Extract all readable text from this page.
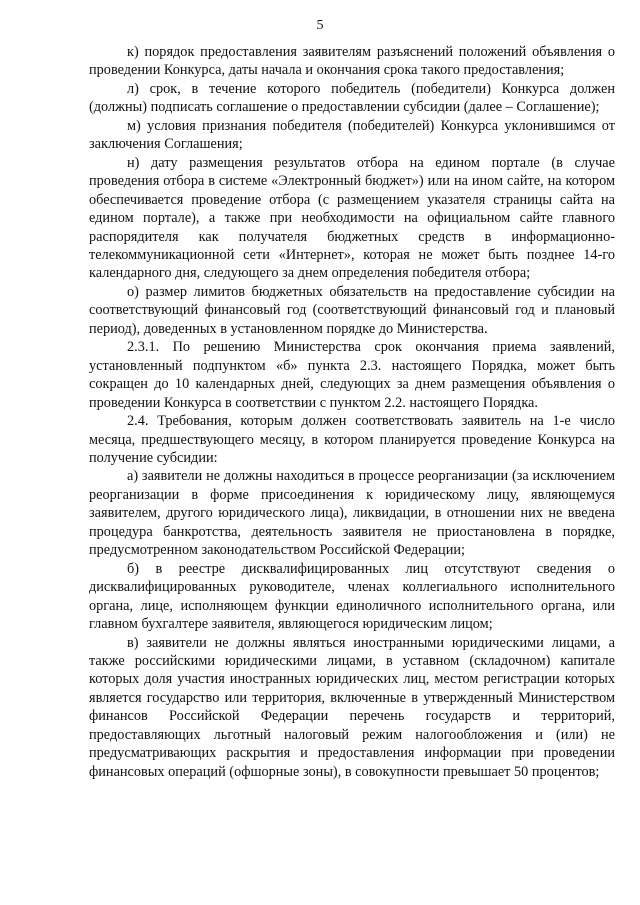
5

к) порядок предоставления заявителям разъяснений положений объявления о проведении Конкурса, даты начала и окончания срока такого предоставления;

л) срок, в течение которого победитель (победители) Конкурса должен (должны) подписать соглашение о предоставлении субсидии (далее – Соглашение);

м) условия признания победителя (победителей) Конкурса уклонившимся от заключения Соглашения;

н) дату размещения результатов отбора на едином портале (в случае проведения отбора в системе «Электронный бюджет») или на ином сайте, на котором обеспечивается проведение отбора (с размещением указателя страницы сайта на едином портале), а также при необходимости на официальном сайте главного распорядителя как получателя бюджетных средств в информационно-телекоммуникационной сети «Интернет», которая не может быть позднее 14-го календарного дня, следующего за днем определения победителя отбора;

о) размер лимитов бюджетных обязательств на предоставление субсидии на соответствующий финансовый год (соответствующий финансовый год и плановый период), доведенных в установленном порядке до Министерства.

2.3.1. По решению Министерства срок окончания приема заявлений, установленный подпунктом «б» пункта 2.3. настоящего Порядка, может быть сокращен до 10 календарных дней, следующих за днем размещения объявления о проведении Конкурса в соответствии с пунктом 2.2. настоящего Порядка.

2.4. Требования, которым должен соответствовать заявитель на 1-е число месяца, предшествующего месяцу, в котором планируется проведение Конкурса на получение субсидии:

а) заявители не должны находиться в процессе реорганизации (за исключением реорганизации в форме присоединения к юридическому лицу, являющемуся заявителем, другого юридического лица), ликвидации, в отношении них не введена процедура банкротства, деятельность заявителя не приостановлена в порядке, предусмотренном законодательством Российской Федерации;

б) в реестре дисквалифицированных лиц отсутствуют сведения о дисквалифицированных руководителе, членах коллегиального исполнительного органа, лице, исполняющем функции единоличного исполнительного органа, или главном бухгалтере заявителя, являющегося юридическим лицом;

в) заявители не должны являться иностранными юридическими лицами, а также российскими юридическими лицами, в уставном (складочном) капитале которых доля участия иностранных юридических лиц, местом регистрации которых является государство или территория, включенные в утвержденный Министерством финансов Российской Федерации перечень государств и территорий, предоставляющих льготный налоговый режим налогообложения и (или) не предусматривающих раскрытия и предоставления информации при проведении финансовых операций (офшорные зоны), в совокупности превышает 50 процентов;
